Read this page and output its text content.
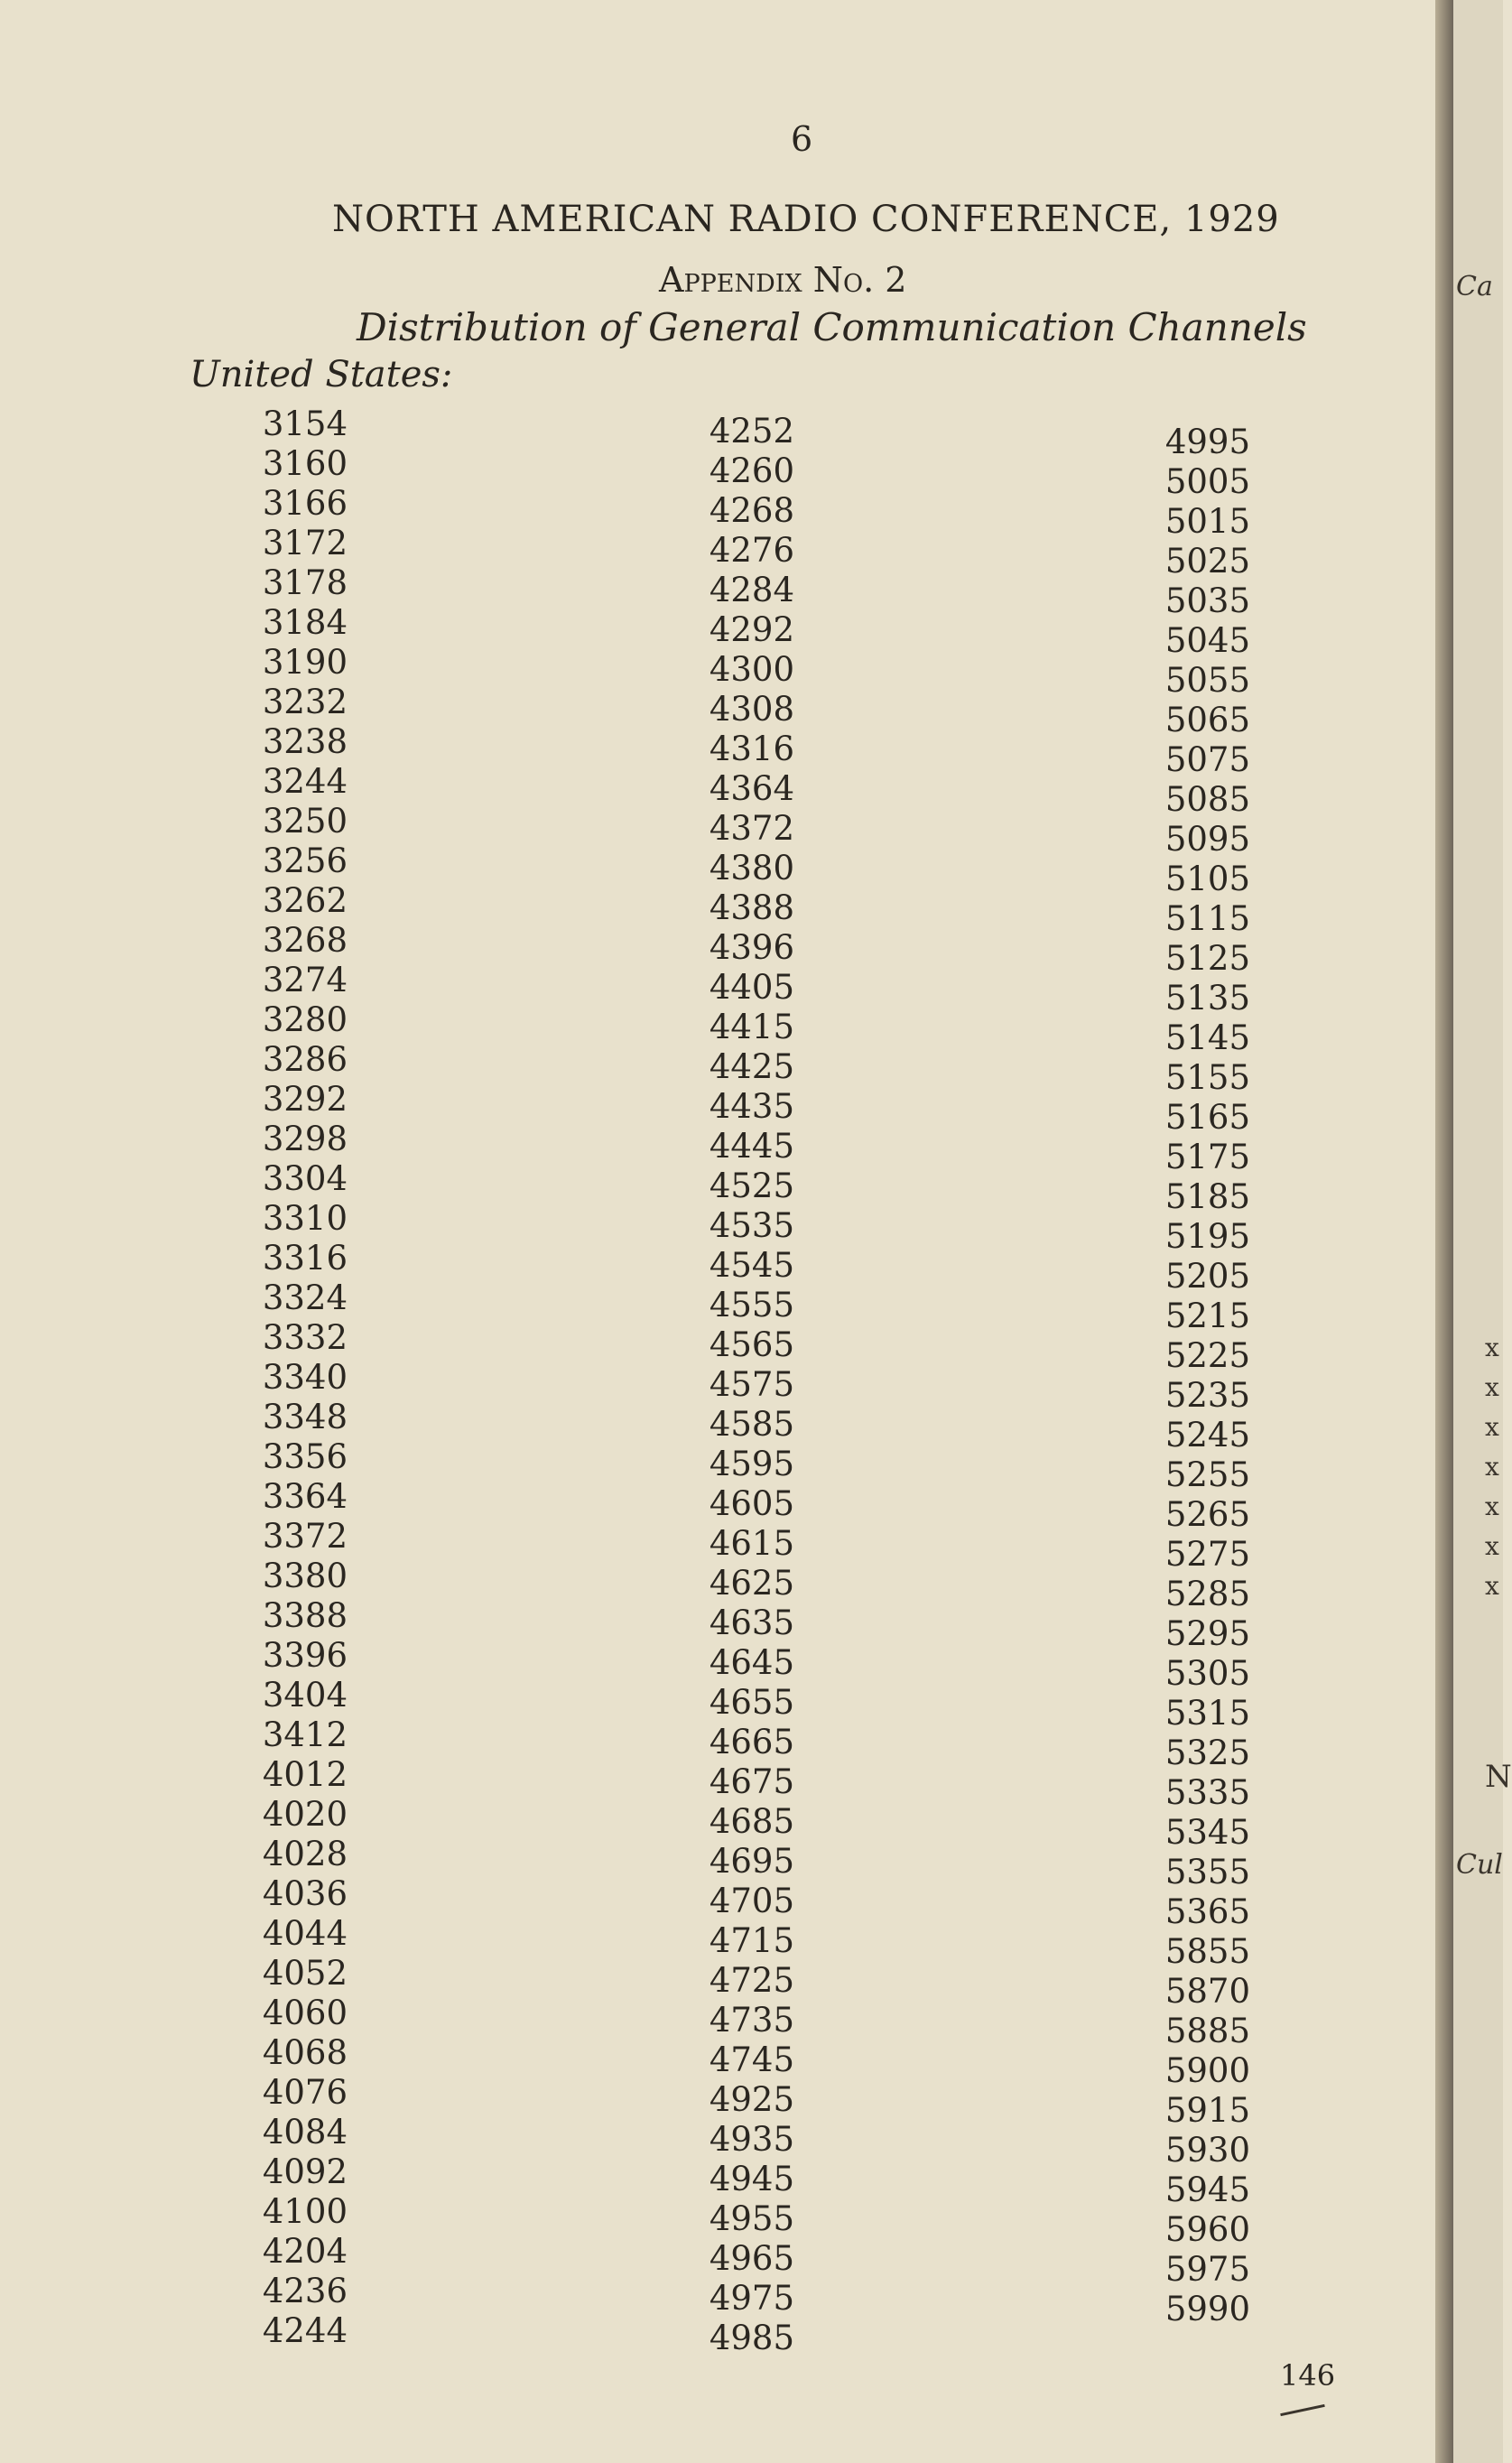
6
NORTH AMERICAN RADIO CONFERENCE, 1929
Appendix No. 2
Distribution of General Communication Channels
United States:
3154
3160
3166
3172
3178
3184
3190
3232
3238
3244
3250
3256
3262
3268
3274
3280
3286
3292
3298
3304
3310
3316
3324
3332
3340
3348
3356
3364
3372
3380
3388
3396
3404
3412
4012
4020
4028
4036
4044
4052
4060
4068
4076
4084
4092
4100
4204
4236
4244
4252
4260
4268
4276
4284
4292
4300
4308
4316
4364
4372
4380
4388
4396
4405
4415
4425
4435
4445
4525
4535
4545
4555
4565
4575
4585
4595
4605
4615
4625
4635
4645
4655
4665
4675
4685
4695
4705
4715
4725
4735
4745
4925
4935
4945
4955
4965
4975
4985
4995
5005
5015
5025
5035
5045
5055
5065
5075
5085
5095
5105
5115
5125
5135
5145
5155
5165
5175
5185
5195
5205
5215
5225
5235
5245
5255
5265
5275
5285
5295
5305
5315
5325
5335
5345
5355
5365
5855
5870
5885
5900
5915
5930
5945
5960
5975
5990
146
Ca
x
x
x
x
x
x
x
N
Cul
